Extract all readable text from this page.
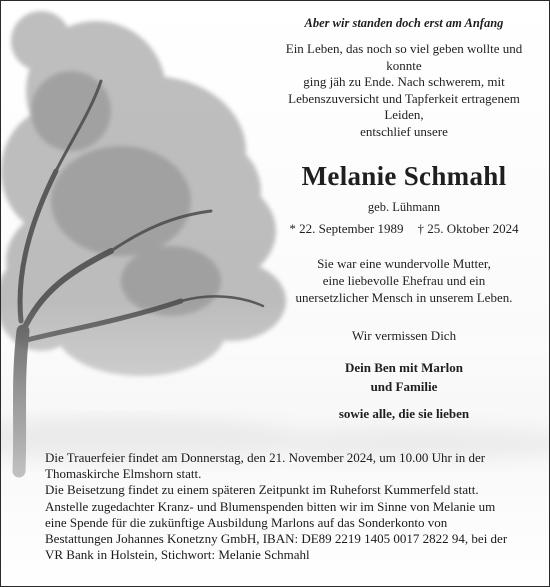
Aber wir standen doch erst am Anfang
Ein Leben, das noch so viel geben wollte und konnte
ging jäh zu Ende. Nach schwerem, mit
Lebenszuversicht und Tapferkeit ertragenem Leiden,
entschlief unsere
Melanie Schmahl
geb. Lühmann
* 22. September 1989 † 25. Oktober 2024
Sie war eine wundervolle Mutter,
eine liebevolle Ehefrau und ein
unersetzlicher Mensch in unserem Leben.
Wir vermissen Dich
Dein Ben mit Marlon
und Familie
sowie alle, die sie lieben

Die Trauerfeier findet am Donnerstag, den 21. November 2024, um 10.00 Uhr in der

Thomaskirche Elmshorn statt.

Die Beisetzung findet zu einem späteren Zeitpunkt im Ruheforst Kummerfeld statt.

Anstelle zugedachter Kranz- und Blumenspenden bitten wir im Sinne von Melanie um

eine Spende für die zukünftige Ausbildung Marlons auf das Sonderkonto von

Bestattungen Johannes Konetzny GmbH, IBAN: DE89 2219 1405 0017 2822 94, bei der

VR Bank in Holstein, Stichwort: Melanie Schmahl
